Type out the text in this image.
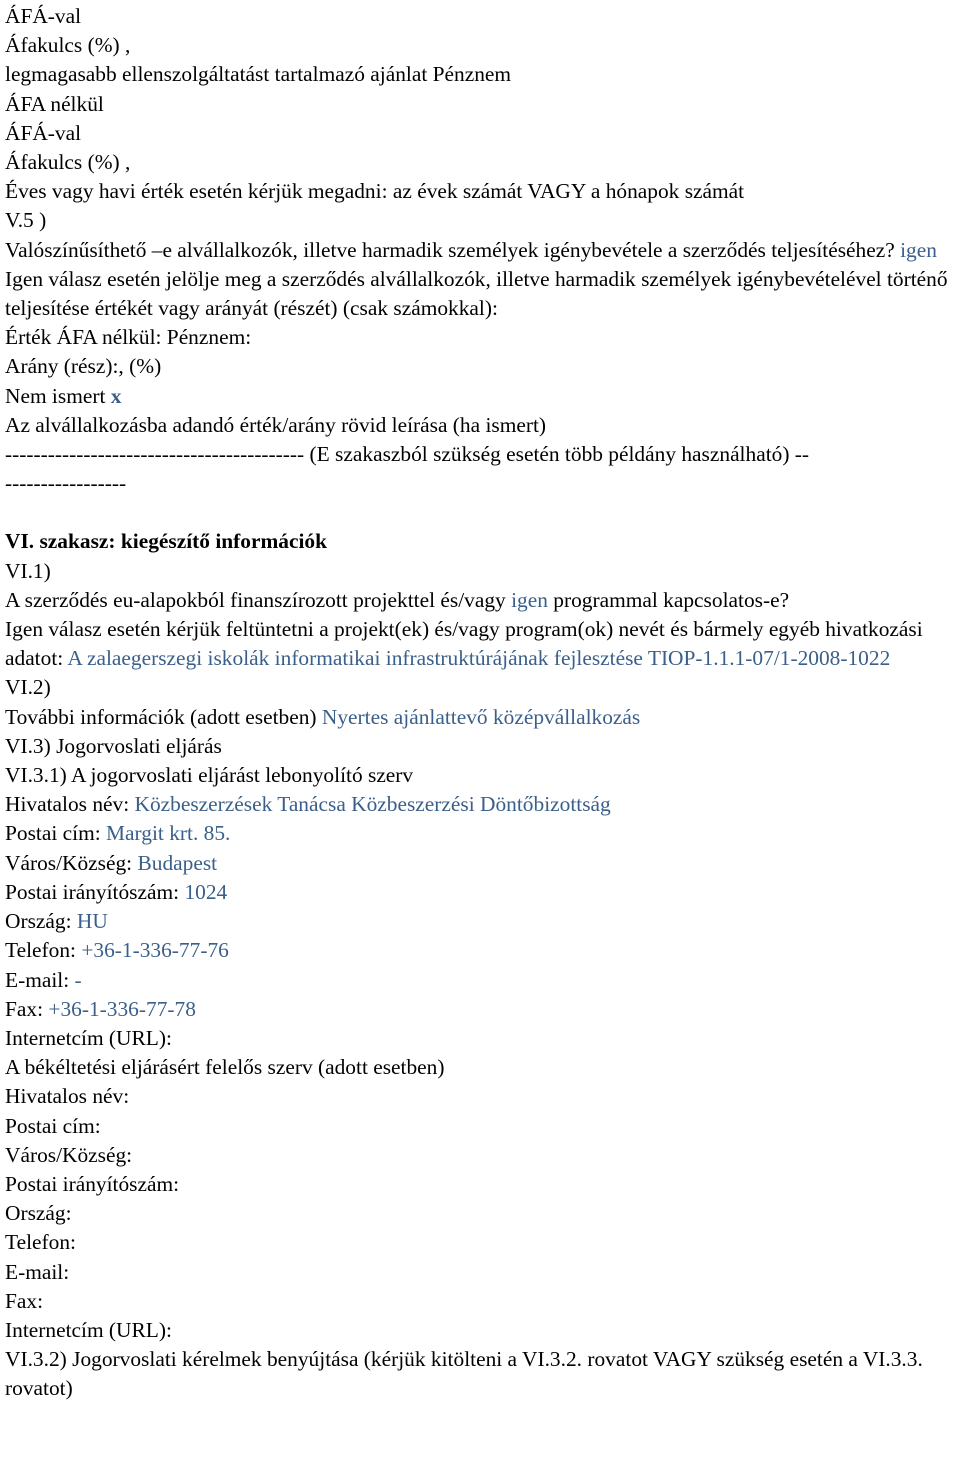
ÁFÁ-val
Áfakulcs (%) ,
legmagasabb ellenszolgáltatást tartalmazó ajánlat Pénznem
ÁFA nélkül
ÁFÁ-val
Áfakulcs (%) ,
Éves vagy havi érték esetén kérjük megadni: az évek számát VAGY a hónapok számát
V.5 )
Valószínűsíthető –e alvállalkozók, illetve harmadik személyek igénybevétele a szerződés teljesítéséhez? igen
Igen válasz esetén jelölje meg a szerződés alvállalkozók, illetve harmadik személyek igénybevételével történő teljesítése értékét vagy arányát (részét) (csak számokkal):
Érték ÁFA nélkül: Pénznem:
Arány (rész):, (%)
Nem ismert x
Az alvállalkozásba adandó érték/arány rövid leírása (ha ismert)
------------------------------------------ (E szakaszból szükség esetén több példány használható) --
-----------------
VI. szakasz: kiegészítő információk
VI.1)
A szerződés eu-alapokból finanszírozott projekttel és/vagy igen programmal kapcsolatos-e?
Igen válasz esetén kérjük feltüntetni a projekt(ek) és/vagy program(ok) nevét és bármely egyéb hivatkozási adatot: A zalaegerszegi iskolák informatikai infrastruktúrájának fejlesztése TIOP-1.1.1-07/1-2008-1022
VI.2)
További információk (adott esetben) Nyertes ajánlattevő középvállalkozás
VI.3) Jogorvoslati eljárás
VI.3.1) A jogorvoslati eljárást lebonyolító szerv
Hivatalos név: Közbeszerzések Tanácsa Közbeszerzési Döntőbizottság
Postai cím: Margit krt. 85.
Város/Község: Budapest
Postai irányítószám: 1024
Ország: HU
Telefon: +36-1-336-77-76
E-mail: -
Fax: +36-1-336-77-78
Internetcím (URL):
A békéltetési eljárásért felelős szerv (adott esetben)
Hivatalos név:
Postai cím:
Város/Község:
Postai irányítószám:
Ország:
Telefon:
E-mail:
Fax:
Internetcím (URL):
VI.3.2) Jogorvoslati kérelmek benyújtása (kérjük kitölteni a VI.3.2. rovatot VAGY szükség esetén a VI.3.3. rovatot)
